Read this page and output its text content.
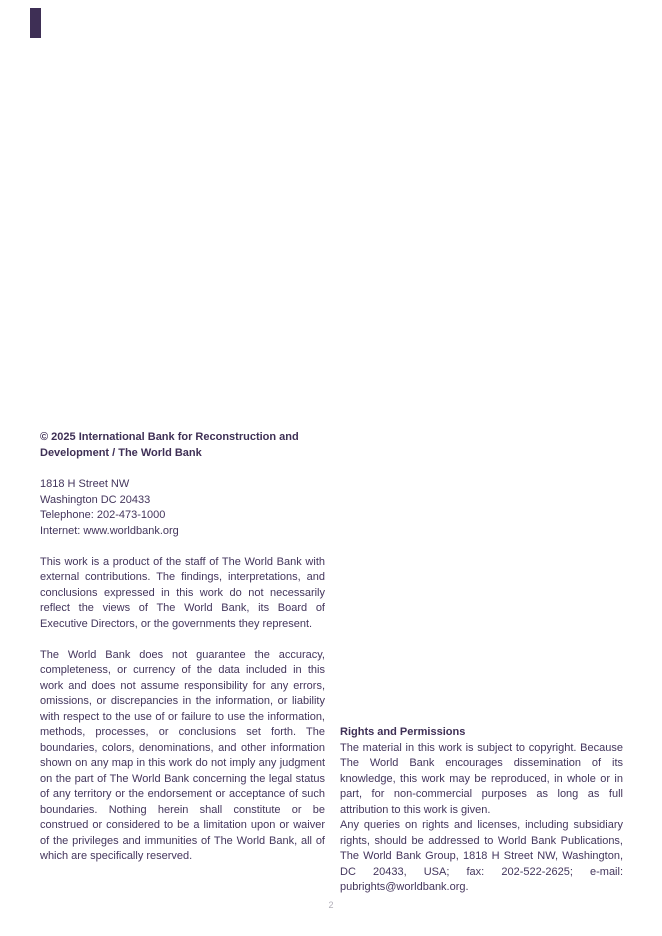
© 2025 International Bank for Reconstruction and Development / The World Bank

1818 H Street NW

Washington DC 20433

Telephone: 202-473-1000

Internet: www.worldbank.org

This work is a product of the staff of The World Bank with external contributions. The findings, interpretations, and conclusions expressed in this work do not necessarily reflect the views of The World Bank, its Board of Executive Directors, or the governments they represent.

The World Bank does not guarantee the accuracy, completeness, or currency of the data included in this work and does not assume responsibility for any errors, omissions, or discrepancies in the information, or liability with respect to the use of or failure to use the information, methods, processes, or conclusions set forth. The boundaries, colors, denominations, and other information shown on any map in this work do not imply any judgment on the part of The World Bank concerning the legal status of any territory or the endorsement or acceptance of such boundaries. Nothing herein shall constitute or be construed or considered to be a limitation upon or waiver of the privileges and immunities of The World Bank, all of which are specifically reserved.

Rights and Permissions

The material in this work is subject to copyright. Because The World Bank encourages dissemination of its knowledge, this work may be reproduced, in whole or in part, for non-commercial purposes as long as full attribution to this work is given.

Any queries on rights and licenses, including subsidiary rights, should be addressed to World Bank Publications, The World Bank Group, 1818 H Street NW, Washington, DC 20433, USA; fax: 202-522-2625; e-mail: pubrights@worldbank.org.

2
